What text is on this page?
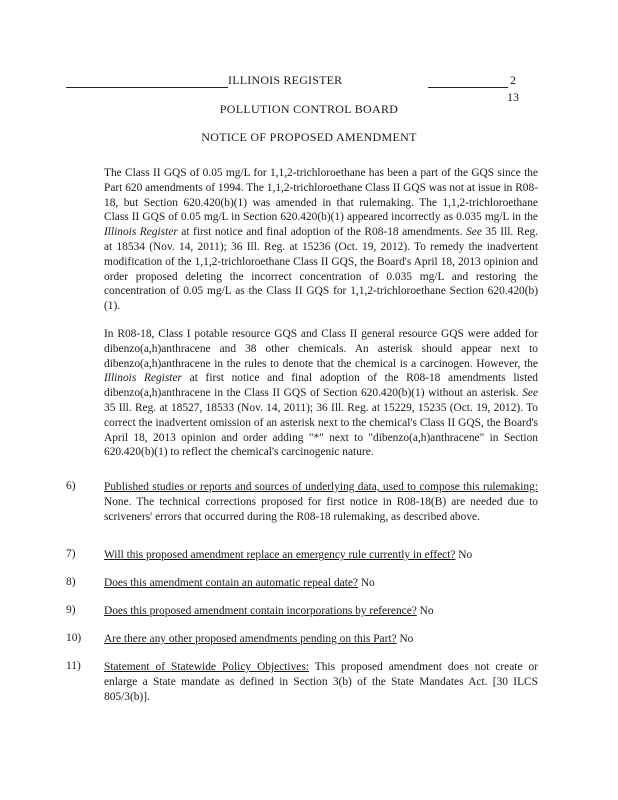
ILLINOIS REGISTER	2
13
POLLUTION CONTROL BOARD
NOTICE OF PROPOSED AMENDMENT
The Class II GQS of 0.05 mg/L for 1,1,2-trichloroethane has been a part of the GQS since the Part 620 amendments of 1994. The 1,1,2-trichloroethane Class II GQS was not at issue in R08-18, but Section 620.420(b)(1) was amended in that rulemaking. The 1,1,2-trichloroethane Class II GQS of 0.05 mg/L in Section 620.420(b)(1) appeared incorrectly as 0.035 mg/L in the Illinois Register at first notice and final adoption of the R08-18 amendments. See 35 Ill. Reg. at 18534 (Nov. 14, 2011); 36 Ill. Reg. at 15236 (Oct. 19, 2012). To remedy the inadvertent modification of the 1,1,2-trichloroethane Class II GQS, the Board's April 18, 2013 opinion and order proposed deleting the incorrect concentration of 0.035 mg/L and restoring the concentration of 0.05 mg/L as the Class II GQS for 1,1,2-trichloroethane Section 620.420(b)(1).
In R08-18, Class I potable resource GQS and Class II general resource GQS were added for dibenzo(a,h)anthracene and 38 other chemicals. An asterisk should appear next to dibenzo(a,h)anthracene in the rules to denote that the chemical is a carcinogen. However, the Illinois Register at first notice and final adoption of the R08-18 amendments listed dibenzo(a,h)anthracene in the Class II GQS of Section 620.420(b)(1) without an asterisk. See 35 Ill. Reg. at 18527, 18533 (Nov. 14, 2011); 36 Ill. Reg. at 15229, 15235 (Oct. 19, 2012). To correct the inadvertent omission of an asterisk next to the chemical's Class II GQS, the Board's April 18, 2013 opinion and order adding "*" next to "dibenzo(a,h)anthracene" in Section 620.420(b)(1) to reflect the chemical's carcinogenic nature.
6)	Published studies or reports and sources of underlying data, used to compose this rulemaking: None. The technical corrections proposed for first notice in R08-18(B) are needed due to scriveners' errors that occurred during the R08-18 rulemaking, as described above.
7)	Will this proposed amendment replace an emergency rule currently in effect? No
8)	Does this amendment contain an automatic repeal date? No
9)	Does this proposed amendment contain incorporations by reference? No
10) Are there any other proposed amendments pending on this Part? No
11) Statement of Statewide Policy Objectives: This proposed amendment does not create or enlarge a State mandate as defined in Section 3(b) of the State Mandates Act. [30 ILCS 805/3(b)].
